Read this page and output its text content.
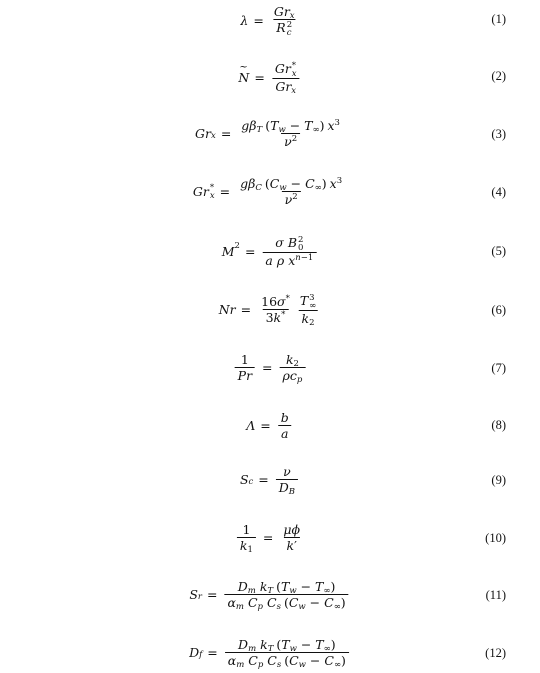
$\lambda = Gr_x$
R 2
c	(1)
N
~
= Gr *
x
$Gr_x$	(2)
Gr $_x = \frac{g\beta_T (T_w - T_\infty) x^3}{\nu^2}$	(3)
Gr *
$x = \frac{g\beta_C (C_w - C_\infty) x^3}{\nu^2}$	(4)
$M^2 = \sigma$ B 2
0
a ρ $x^{n-1}$	(5)
$Nr = \frac{16\sigma^*}{3k^*}$ T 3
∞
$k_2$	(6)
$\frac{1}{Pr} = \frac{k_2}{\rho c_p}$	(7)
$\Lambda = \frac{b}{a}$	(8)
S $_c = \frac{\nu}{D_B}$	(9)
$\frac{1}{k_1} = \frac{\mu\phi}{k'}$	(10)
S $_r = \frac{D_m k_T (T_w - T_\infty)}{\alpha_m C_p C_s (C_w - C_\infty)}$	(11)
D $_f = \frac{D_m k_T (T_w - T_\infty)}{\alpha_m C_p C_s (C_w - C_\infty)}$	(12)
